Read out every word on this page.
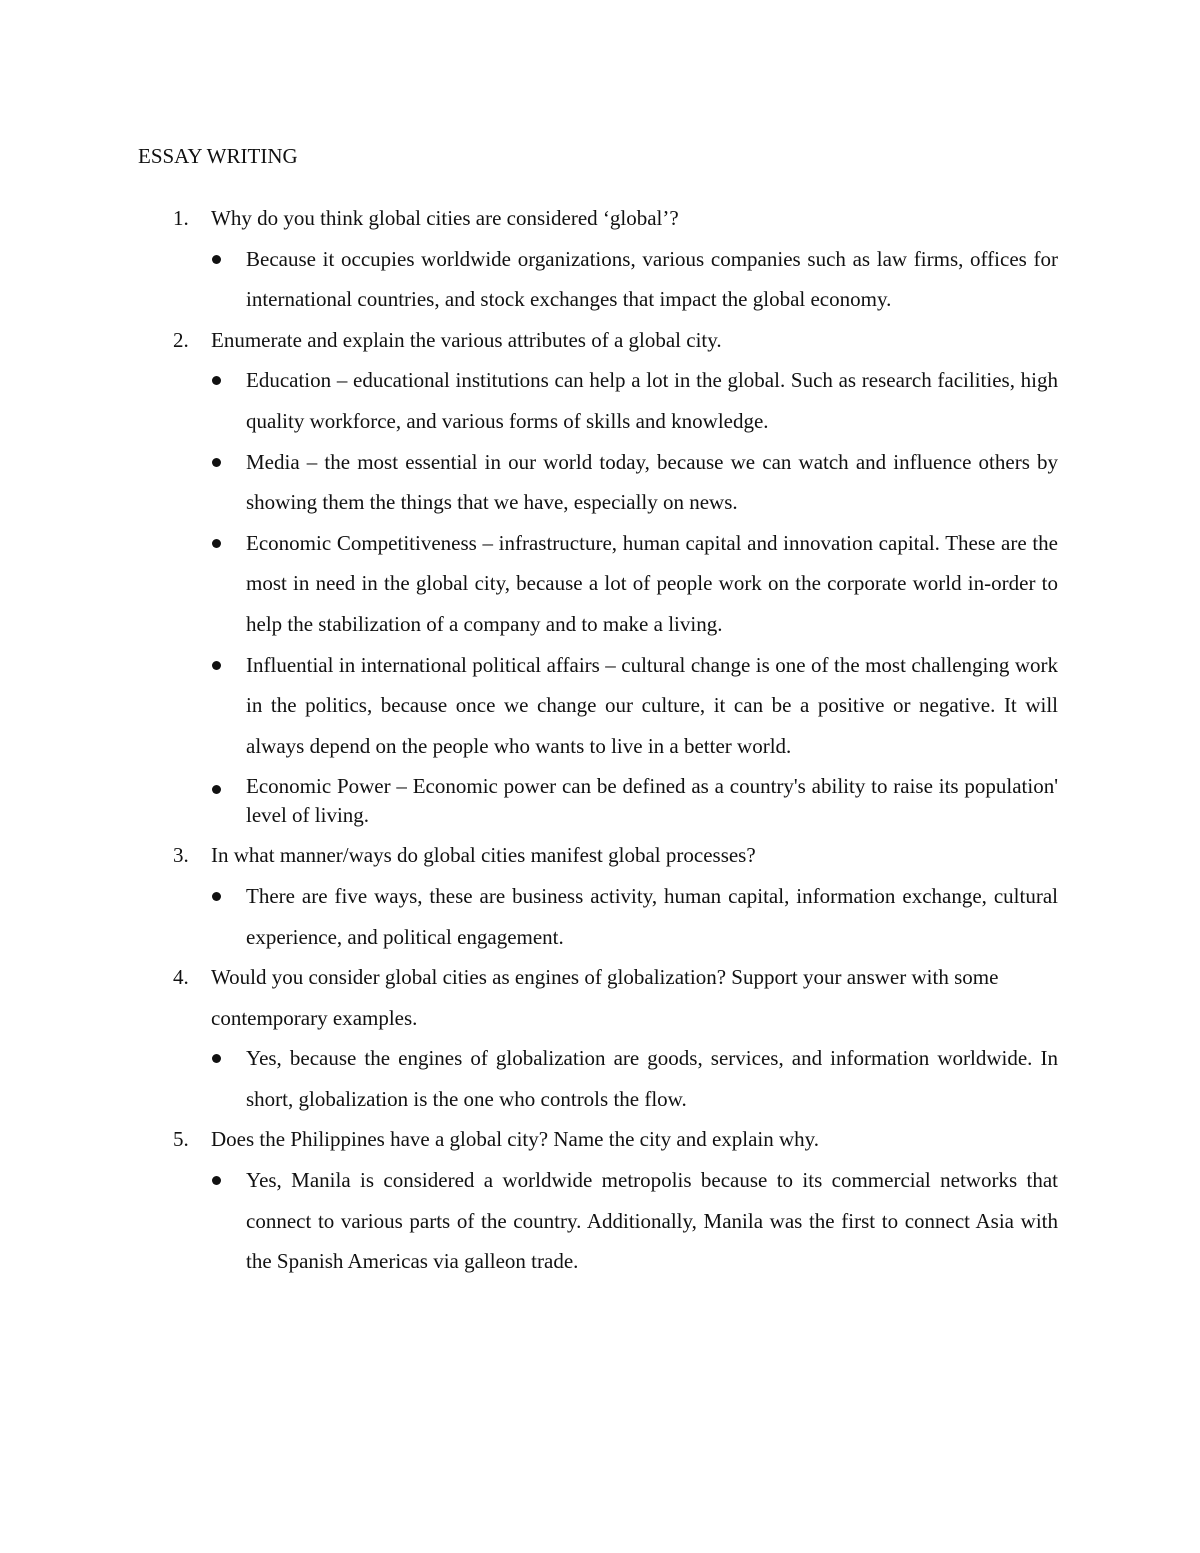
ESSAY WRITING
1. Why do you think global cities are considered ‘global’?
Because it occupies worldwide organizations, various companies such as law firms, offices for international countries, and stock exchanges that impact the global economy.
2. Enumerate and explain the various attributes of a global city.
Education – educational institutions can help a lot in the global. Such as research facilities, high quality workforce, and various forms of skills and knowledge.
Media – the most essential in our world today, because we can watch and influence others by showing them the things that we have, especially on news.
Economic Competitiveness – infrastructure, human capital and innovation capital. These are the most in need in the global city, because a lot of people work on the corporate world in-order to help the stabilization of a company and to make a living.
Influential in international political affairs – cultural change is one of the most challenging work in the politics, because once we change our culture, it can be a positive or negative. It will always depend on the people who wants to live in a better world.
Economic Power – Economic power can be defined as a country's ability to raise its population' level of living.
3. In what manner/ways do global cities manifest global processes?
There are five ways, these are business activity, human capital, information exchange, cultural experience, and political engagement.
4. Would you consider global cities as engines of globalization? Support your answer with some contemporary examples.
Yes, because the engines of globalization are goods, services, and information worldwide. In short, globalization is the one who controls the flow.
5. Does the Philippines have a global city? Name the city and explain why.
Yes, Manila is considered a worldwide metropolis because to its commercial networks that connect to various parts of the country. Additionally, Manila was the first to connect Asia with the Spanish Americas via galleon trade.
